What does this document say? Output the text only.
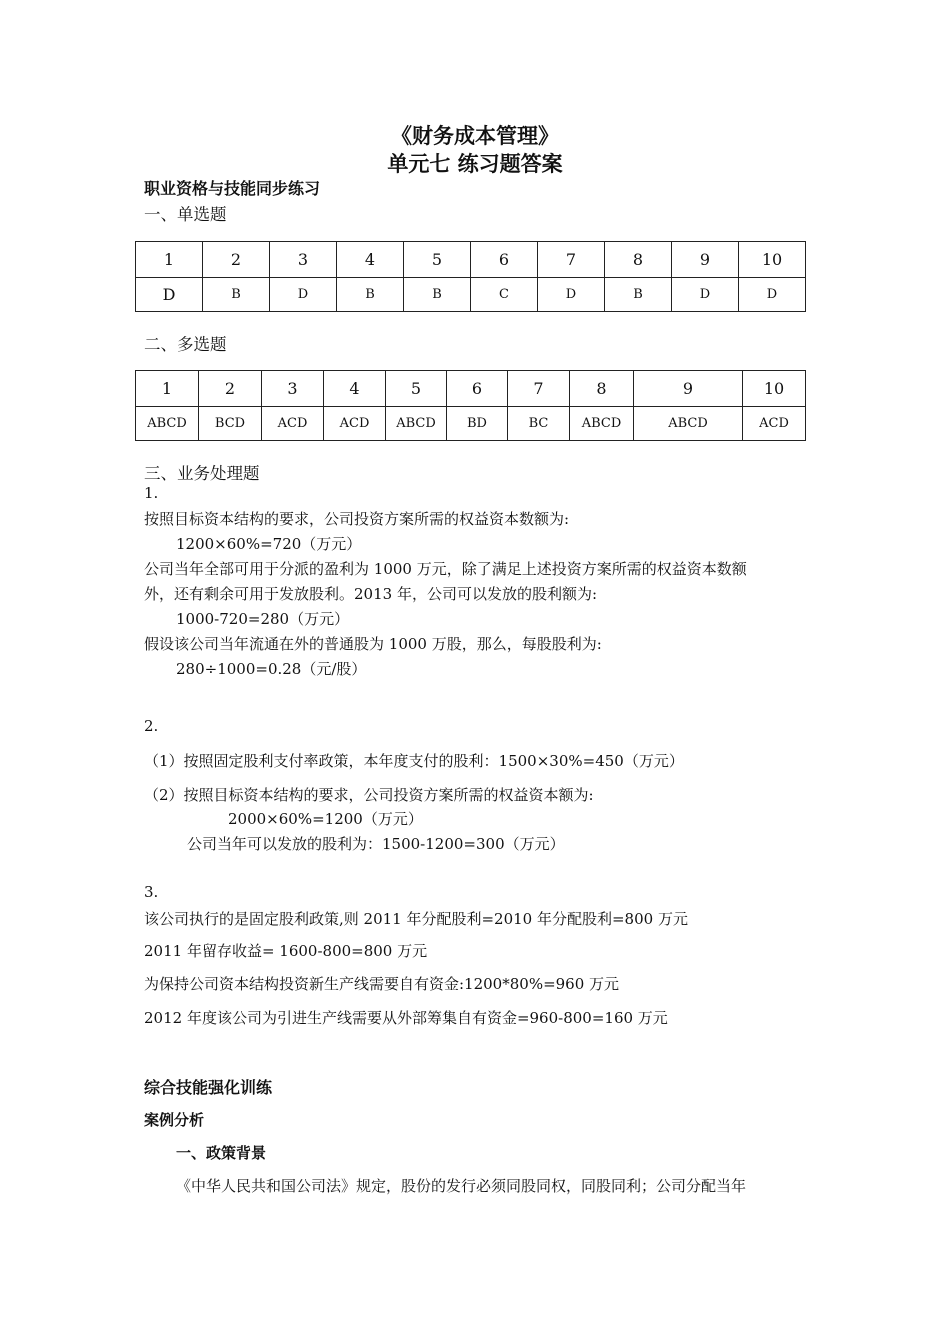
《财务成本管理》
单元七 练习题答案
职业资格与技能同步练习
一、单选题
1	2	3	4	5	6	7	8	9	10
D	B	D	B	B	C	D	B	D	D
二、多选题
1	2	3	4	5	6	7	8	9	10
ABCD	BCD	ACD	ACD	ABCD	BD	BC	ABCD	ABCD	ACD
三、业务处理题
1.
按照目标资本结构的要求，公司投资方案所需的权益资本数额为:
1200×60%=720（万元）
公司当年全部可用于分派的盈利为 1000 万元，除了满足上述投资方案所需的权益资本数额
外，还有剩余可用于发放股利。2013 年，公司可以发放的股利额为:
1000-720=280（万元）
假设该公司当年流通在外的普通股为 1000 万股，那么，每股股利为:
280÷1000=0.28（元/股）
2.
（1）按照固定股利支付率政策，本年度支付的股利：1500×30%=450（万元）
（2）按照目标资本结构的要求，公司投资方案所需的权益资本额为:
2000×60%=1200（万元）
公司当年可以发放的股利为：1500-1200=300（万元）
3.
该公司执行的是固定股利政策,则 2011 年分配股利=2010 年分配股利=800 万元
2011 年留存收益= 1600-800=800 万元
为保持公司资本结构投资新生产线需要自有资金:1200*80%=960 万元
2012 年度该公司为引进生产线需要从外部筹集自有资金=960-800=160 万元
综合技能强化训练
案例分析
一、政策背景
《中华人民共和国公司法》规定，股份的发行必须同股同权，同股同利；公司分配当年
